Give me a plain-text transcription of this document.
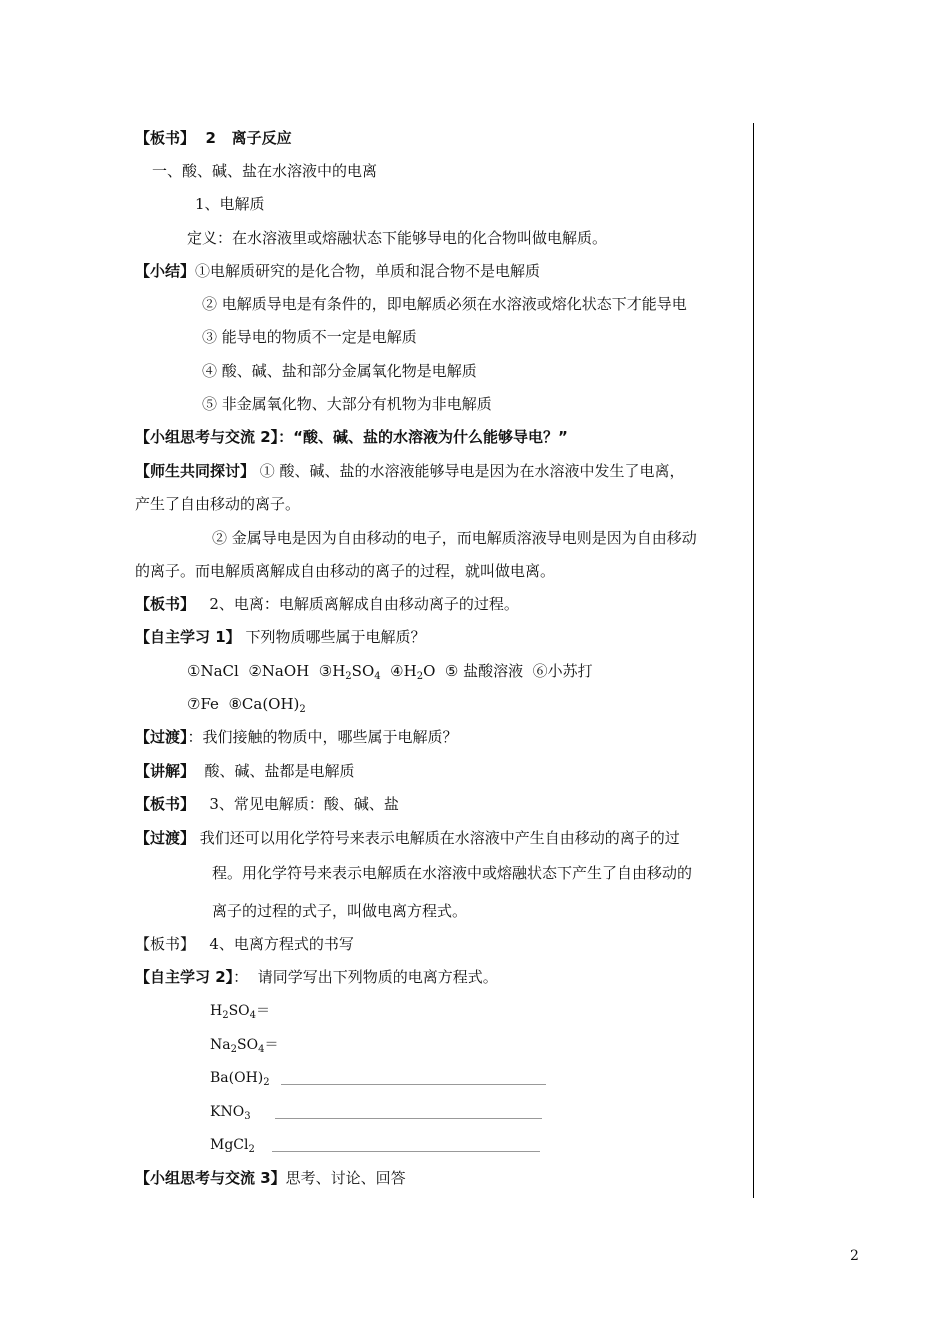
【板书】  2   离子反应
一、酸、碱、盐在水溶液中的电离
1、电解质
定义：在水溶液里或熔融状态下能够导电的化合物叫做电解质。
【小结】①电解质研究的是化合物，单质和混合物不是电解质
② 电解质导电是有条件的，即电解质必须在水溶液或熔化状态下才能导电
③ 能导电的物质不一定是电解质
④ 酸、碱、盐和部分金属氧化物是电解质
⑤ 非金属氧化物、大部分有机物为非电解质
【小组思考与交流 2】：“酸、碱、盐的水溶液为什么能够导电？”
【师生共同探讨】 ① 酸、碱、盐的水溶液能够导电是因为在水溶液中发生了电离，
产生了自由移动的离子。
② 金属导电是因为自由移动的电子，而电解质溶液导电则是因为自由移动
的离子。而电解质离解成自由移动的离子的过程，就叫做电离。
【板书】   2、电离：电解质离解成自由移动离子的过程。
【自主学习 1】 下列物质哪些属于电解质？
①NaCl  ②NaOH  $③H_2SO_4$  $④H_2O$  ⑤ 盐酸溶液  ⑥小苏打
⑦Fe  $⑧Ca(OH)_2$
【过渡】：我们接触的物质中，哪些属于电解质？
【讲解】  酸、碱、盐都是电解质
【板书】   3、常见电解质：酸、碱、盐
【过渡】 我们还可以用化学符号来表示电解质在水溶液中产生自由移动的离子的过
程。用化学符号来表示电解质在水溶液中或熔融状态下产生了自由移动的
离子的过程的式子，叫做电离方程式。
【板书】   4、电离方程式的书写
【自主学习 2】：  请同学写出下列物质的电离方程式。
$H_2SO_4=$
$Na_2SO_4=$
$Ba(OH)_2$
$KNO_3$
MgCl$_2$
【小组思考与交流 3】思考、讨论、回答
2
